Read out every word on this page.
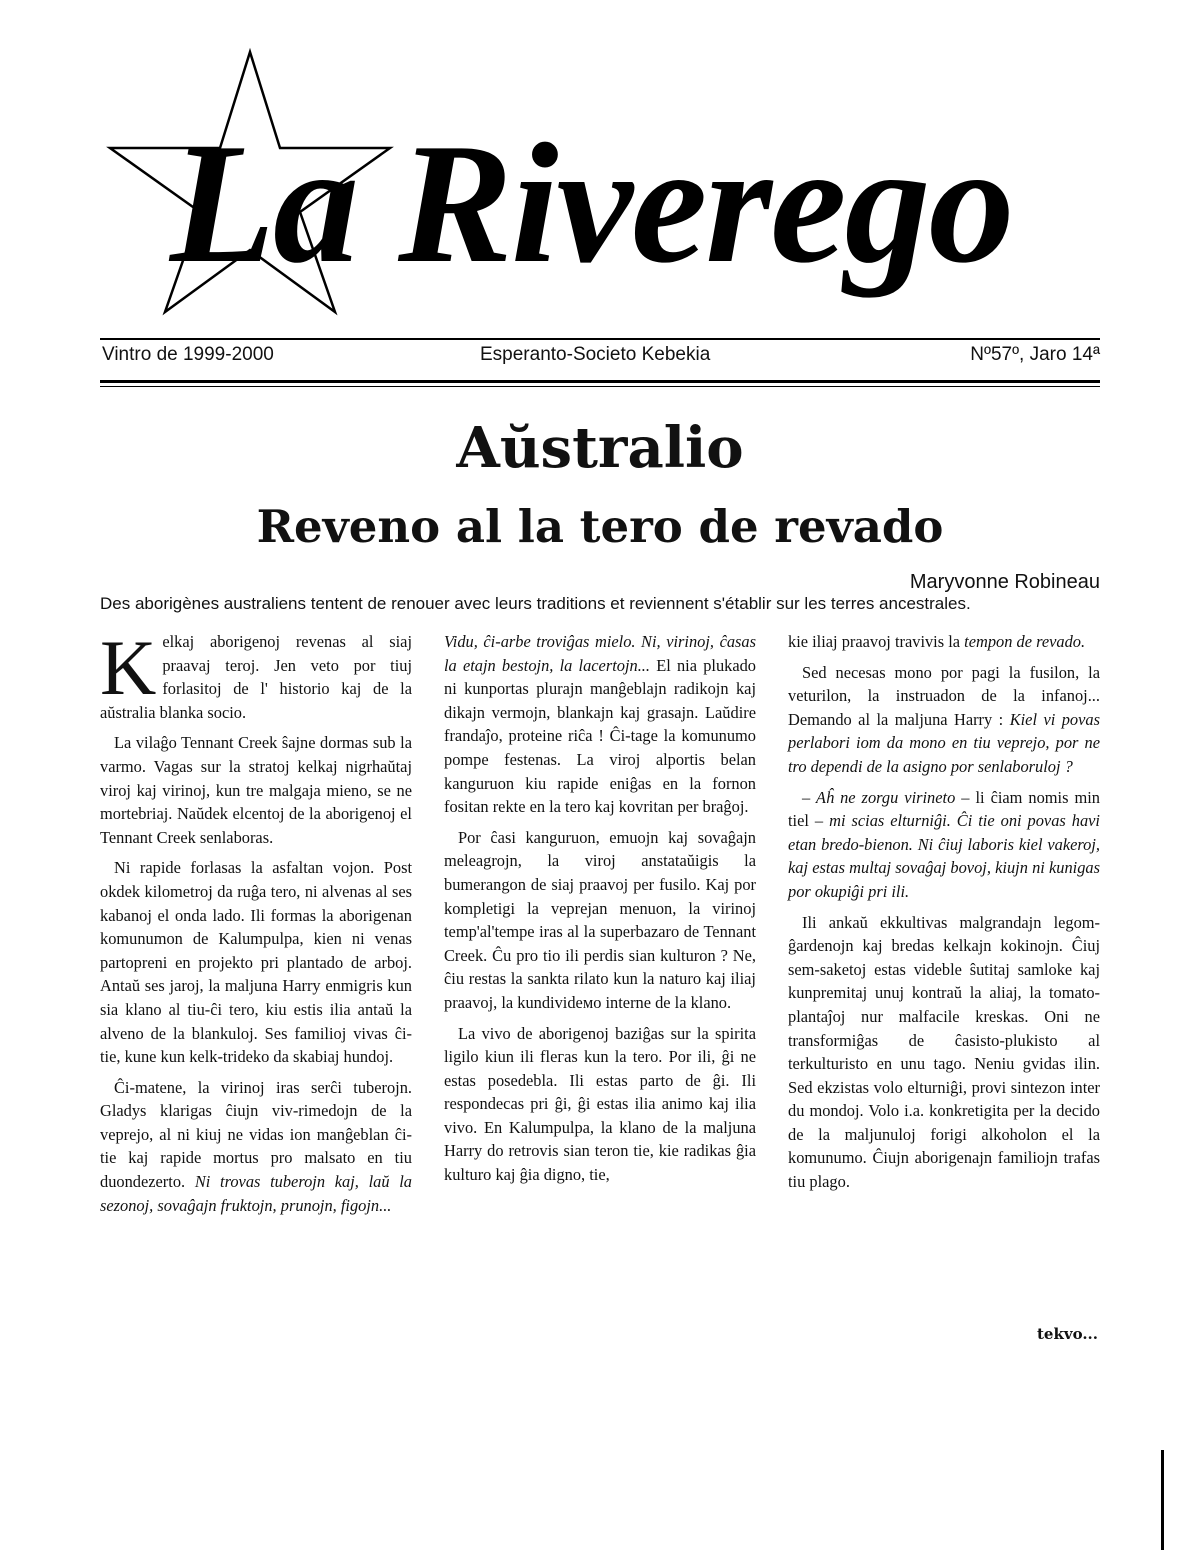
La Riverego
Vintro de 1999-2000	Esperanto-Societo Kebekia	Nº57º, Jaro 14ª
Aŭstralio
Reveno al la tero de revado
Maryvonne Robineau
Des aborigènes australiens tentent de renouer avec leurs traditions et reviennent s'établir sur les terres ancestrales.

Kelkaj aborigenoj revenas al siaj praavaj teroj. Jen veto por tiuj forlasitoj de l' historio kaj de la aŭstralia blanka socio.

La vilaĝo Tennant Creek ŝajne dormas sub la varmo. Vagas sur la stratoj kelkaj nigrhaŭtaj viroj kaj virinoj, kun tre malgaja mieno, se ne mortebriaj. Naŭdek elcentoj de la aborigenoj el Tennant Creek senlaboras.

Ni rapide forlasas la asfaltan vojon. Post okdek kilometroj da ruĝa tero, ni alvenas al ses kabanoj el onda lado. Ili formas la aborigenan komunumon de Kalumpulpa, kien ni venas partopreni en projekto pri plantado de arboj. Antaŭ ses jaroj, la maljuna Harry enmigris kun sia klano al tiu-ĉi tero, kiu estis ilia antaŭ la alveno de la blankuloj. Ses familioj vivas ĉi-tie, kune kun kelk-trideko da skabiaj hundoj.

Ĉi-matene, la virinoj iras serĉi tuberojn. Gladys klarigas ĉiujn viv-rimedojn de la veprejo, al ni kiuj ne vidas ion manĝeblan ĉi-tie kaj rapide mortus pro malsato en tiu duondezerto. Ni trovas tuberojn kaj, laŭ la sezonoj, sovaĝajn fruktojn, prunojn, figojn...

Vidu, ĉi-arbe troviĝas mielo. Ni, virinoj, ĉasas la etajn bestojn, la lacertojn... El nia plukado ni kunportas plurajn manĝeblajn radikojn kaj dikajn vermojn, blankajn kaj grasajn. Laŭdire frandaĵo, proteine riĉa ! Ĉi-tage la komunumo pompe festenas. La viroj alportis belan kanguruon kiu rapide eniĝas en la fornon fositan rekte en la tero kaj kovritan per braĝoj.

Por ĉasi kanguruon, emuojn kaj sovaĝajn meleagrojn, la viroj anstataŭigis la bumerangon de siaj praavoj per fusilo. Kaj por kompletigi la veprejan menuon, la virinoj temp'al'tempe iras al la superbazaro de Tennant Creek. Ĉu pro tio ili perdis sian kulturon ? Ne, ĉiu restas la sankta rilato kun la naturo kaj iliaj praavoj, la kundivideмо interne de la klano.

La vivo de aborigenoj baziĝas sur la spirita ligilo kiun ili fleгas kun la tero. Por ili, ĝi ne estas posedebla. Ili estas parto de ĝi. Ili respondecas pri ĝi, ĝi estas ilia animo kaj ilia vivo. En Kalumpulpa, la klano de la maljuna Harry do retrovis sian teron tie, kie radikas ĝia kulturo kaj ĝia digno, tie,

kie iliaj praavoj travivis la tempon de revado.

Sed necesas mono por pagi la fusilon, la veturilon, la instruadon de la infanoj... Demando al la maljuna Harry : Kiel vi povas perlabori iom da mono en tiu veprejo, por ne tro dependi de la asigno por senlaboruloj ?

– Aĥ ne zorgu virineto – li ĉiam nomis min tiel – mi scias elturniĝi. Ĉi tie oni povas havi etan bredo-bienon. Ni ĉiuj laboris kiel vakeroj, kaj estas multaj sovaĝaj bovoj, kiujn ni kunigas por okupiĝi pri ili.

Ili ankaŭ ekkultivas malgrandajn legom-ĝardenojn kaj bredas kelkajn kokinojn. Ĉiuj sem-saketoj estas videble ŝutitaj samloke kaj kunpremitaj unuj kontraŭ la aliaj, la tomato-plantaĵoj nur malfacile kreskas. Oni ne transformiĝas de ĉasisto-plukisto al terkulturisto en unu tago. Neniu gvidas ilin. Sed ekzistas volo elturniĝi, provi sintezon inter du mondoj. Volo i.a. konkretigita per la decido de la maljunuloj forigi alkoholon el la komunumo. Ĉiujn aborigenajn familiojn trafas tiu plago.

tekvo...
